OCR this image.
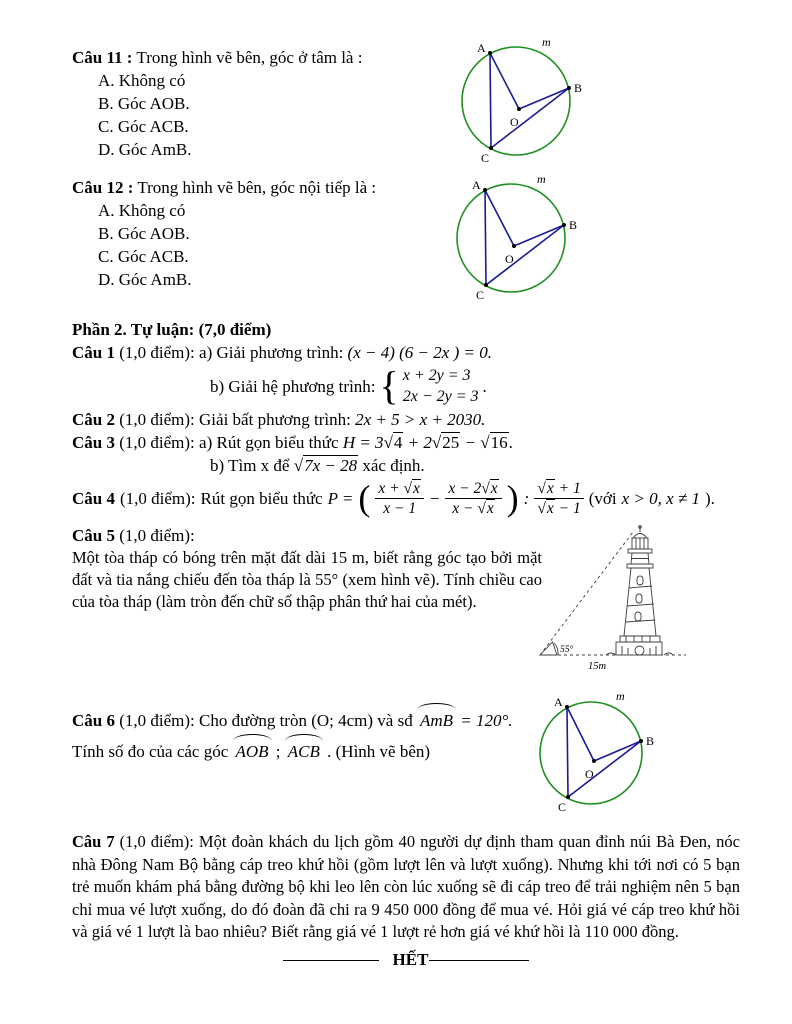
Câu 11 : Trong hình vẽ bên, góc ở tâm là :
A. Không có
B. Góc AOB.
C. Góc ACB.
D. Góc AmB.
Câu 12 : Trong hình vẽ bên, góc nội tiếp là :
A. Không có
B. Góc AOB.
C. Góc ACB.
D. Góc AmB.
Phần 2. Tự luận: (7,0 điểm)
Câu 1 (1,0 điểm): a) Giải phương trình: (x − 4) (6 − 2x ) = 0.
b) Giải hệ phương trình: { x + 2y = 3
2x − 2y = 3
.
Câu 2 (1,0 điểm): Giải bất phương trình: 2x + 5 > x + 2030.
Câu 3 (1,0 điểm): a) Rút gọn biểu thức H = 3√4 + 2√25 − √16.
b) Tìm x để √7x − 28 xác định.
Câu 4 (1,0 điểm): Rút gọn biểu thức P = ( $\frac{x + √x}{x - 1} - \frac{x - 2√x}{x - √x}$ ) : $\frac{√x + 1}{√x - 1}$ (với x > 0, x ≠ 1 ).
Câu 5 (1,0 điểm):
Một tòa tháp có bóng trên mặt đất dài 15 m, biết rằng góc tạo bởi mặt đất và tia nắng chiếu đến tòa tháp là 55° (xem hình vẽ). Tính chiều cao của tòa tháp (làm tròn đến chữ số thập phân thứ hai của mét).
Câu 6 (1,0 điểm): Cho đường tròn (O; 4cm) và sđ AmB = 120°.
Tính số đo của các góc AOB ; ACB . (Hình vẽ bên)
Câu 7 (1,0 điểm): Một đoàn khách du lịch gồm 40 người dự định tham quan đỉnh núi Bà Đen, nóc nhà Đông Nam Bộ bằng cáp treo khứ hồi (gồm lượt lên và lượt xuống). Nhưng khi tới nơi có 5 bạn trẻ muốn khám phá bằng đường bộ khi leo lên còn lúc xuống sẽ đi cáp treo để trải nghiệm nên 5 bạn chỉ mua vé lượt xuống, do đó đoàn đã chi ra 9 450 000 đồng để mua vé. Hỏi giá vé cáp treo khứ hồi và giá vé 1 lượt là bao nhiêu? Biết rằng giá vé 1 lượt rẻ hơn giá vé khứ hồi là 110 000 đồng.
HẾT
A	m
B
O
C
A	m
B
O
C
55°
15m
A	m
B
O
C
